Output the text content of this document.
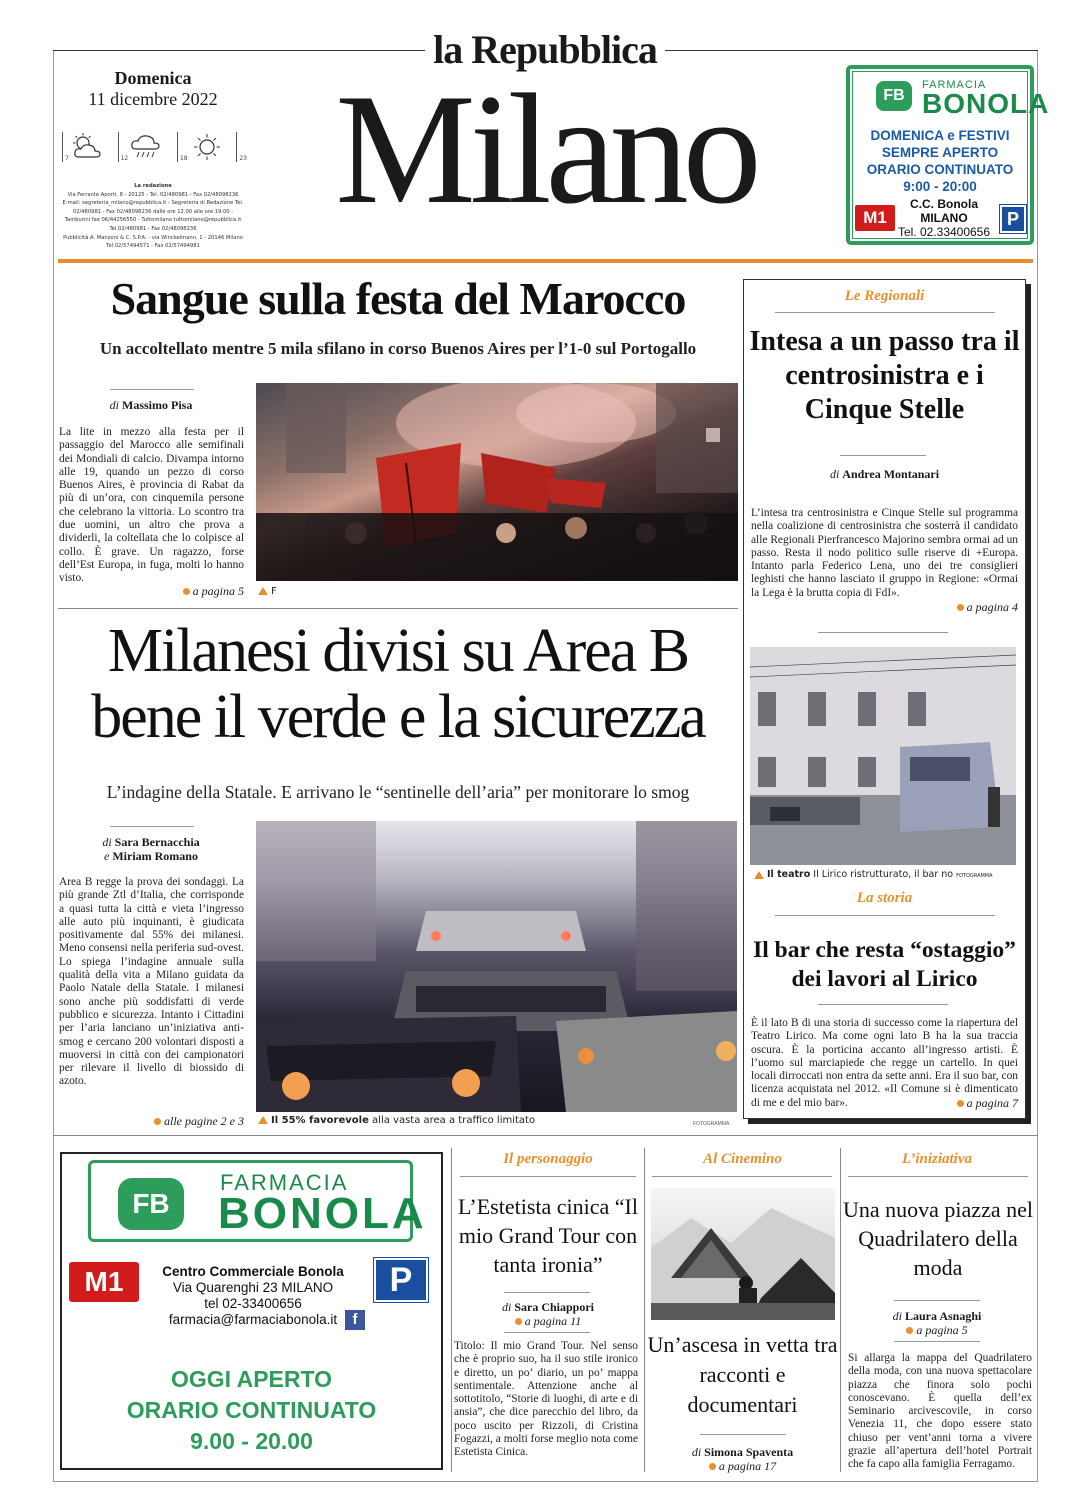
la Repubblica
Domenica
11 dicembre 2022
7	12	18	23
La redazione
Via Ferrante Aporti, 8 - 20125 - Tel. 02/480981 - Fax 02/48098236
E-mail: segreteria_milano@repubblica.it - Segreteria di Redazione Tel.
02/480981 - Fax 02/48098236 dalle ore 12.00 alle ore 19.00 -
Tamburini fax 06/44256550 - Tuttomilano tuttomilano@repubblica.it
Tel.02/480981 - Fax 02/48098236
Pubblicità A. Manzoni & C. S.P.A. - via Winckelmann, 1 - 20146 Milano
Tel 02/57494571 - Fax 02/57494981
Milano	FB
FARMACIA
BONOLA
DOMENICA e FESTIVI
SEMPRE APERTO
ORARIO CONTINUATO
9:00 - 20:00
M1
C.C. Bonola
MILANO
Tel. 02.33400656
P
Sangue sulla festa del Marocco
Un accoltellato mentre 5 mila sfilano in corso Buenos Aires per l’1-0 sul Portogallo
di Massimo Pisa
La lite in mezzo alla festa per il passaggio del Marocco alle semifinali dei Mondiali di calcio. Divampa intorno alle 19, quando un pezzo di corso Buenos Aires, è provincia di Rabat da più di un’ora, con cinquemila persone che celebrano la vittoria. Lo scontro tra due uomini, un altro che prova a dividerli, la coltellata che lo colpisce al collo. È grave. Un ragazzo, forse dell’Est Europa, in fuga, molti lo hanno visto.
a pagina 5	F
Milanesi divisi su Area B
bene il verde e la sicurezza
L’indagine della Statale. E arrivano le “sentinelle dell’aria” per monitorare lo smog
di Sara Bernacchia
e Miriam Romano
Area B regge la prova dei sondaggi. La più grande Ztl d’Italia, che corrisponde a quasi tutta la città e vieta l’ingresso alle auto più inquinanti, è giudicata positivamente dal 55% dei milanesi. Meno consensi nella periferia sud-ovest. Lo spiega l’indagine annuale sulla qualità della vita a Milano guidata da Paolo Natale della Statale. I milanesi sono anche più soddisfatti di verde pubblico e sicurezza. Intanto i Cittadini per l’aria lanciano un’iniziativa anti-smog e cercano 200 volontari disposti a muoversi in città con dei campionatori per rilevare il livello di biossido di azoto.
alle pagine 2 e 3	Il 55% favorevole alla vasta area a traffico limitato	FOTOGRAMMA
Le Regionali
Intesa a un passo tra il centrosinistra e i Cinque Stelle
di Andrea Montanari
L’intesa tra centrosinistra e Cinque Stelle sul programma nella coalizione di centrosinistra che sosterrà il candidato alle Regionali Pierfrancesco Majorino sembra ormai ad un passo. Resta il nodo politico sulle riserve di +Europa. Intanto parla Federico Lena, uno dei tre consiglieri leghisti che hanno lasciato il gruppo in Regione: «Ormai la Lega è la brutta copia di FdI».
a pagina 4
Il teatro Il Lirico ristrutturato, il bar no FOTOGRAMMA
La storia
Il bar che resta “ostaggio” dei lavori al Lirico
È il lato B di una storia di successo come la riapertura del Teatro Lirico. Ma come ogni lato B ha la sua traccia oscura. È la porticina accanto all’ingresso artisti. È l’uomo sul marciapiede che regge un cartello. In quei locali dirroccati non entra da sette anni. Era il suo bar, con licenza acquistata nel 2012. «Il Comune si è dimenticato di me e del mio bar».	a pagina 7
FB
FARMACIA
BONOLA
M1	Centro Commerciale Bonola
Via Quarenghi 23 MILANO
tel 02-33400656
farmacia@farmaciabonola.it	f
P
OGGI APERTO
ORARIO CONTINUATO
9.00 - 20.00
Il personaggio
L’Estetista cinica “Il mio Grand Tour con tanta ironia”
di Sara Chiappori
a pagina 11
Titolo: Il mio Grand Tour. Nel senso che è proprio suo, ha il suo stile ironico e diretto, un po’ diario, un po’ mappa sentimentale. Attenzione anche al sottotitolo, “Storie di luoghi, di arte e di ansia”, che dice parecchio del libro, da poco uscito per Rizzoli, di Cristina Fogazzi, a molti forse meglio nota come Estetista Cinica.
Al Cinemino
Un’ascesa in vetta tra racconti e documentari
di Simona Spaventa
a pagina 17
L’iniziativa
Una nuova piazza nel Quadrilatero della moda
di Laura Asnaghi
a pagina 5
Si allarga la mappa del Quadrilatero della moda, con una nuova spettacolare piazza che finora solo pochi conoscevano. È quella dell’ex Seminario arcivescovile, in corso Venezia 11, che dopo essere stato chiuso per vent’anni torna a vivere grazie all’apertura dell’hotel Portrait che fa capo alla famiglia Ferragamo.
